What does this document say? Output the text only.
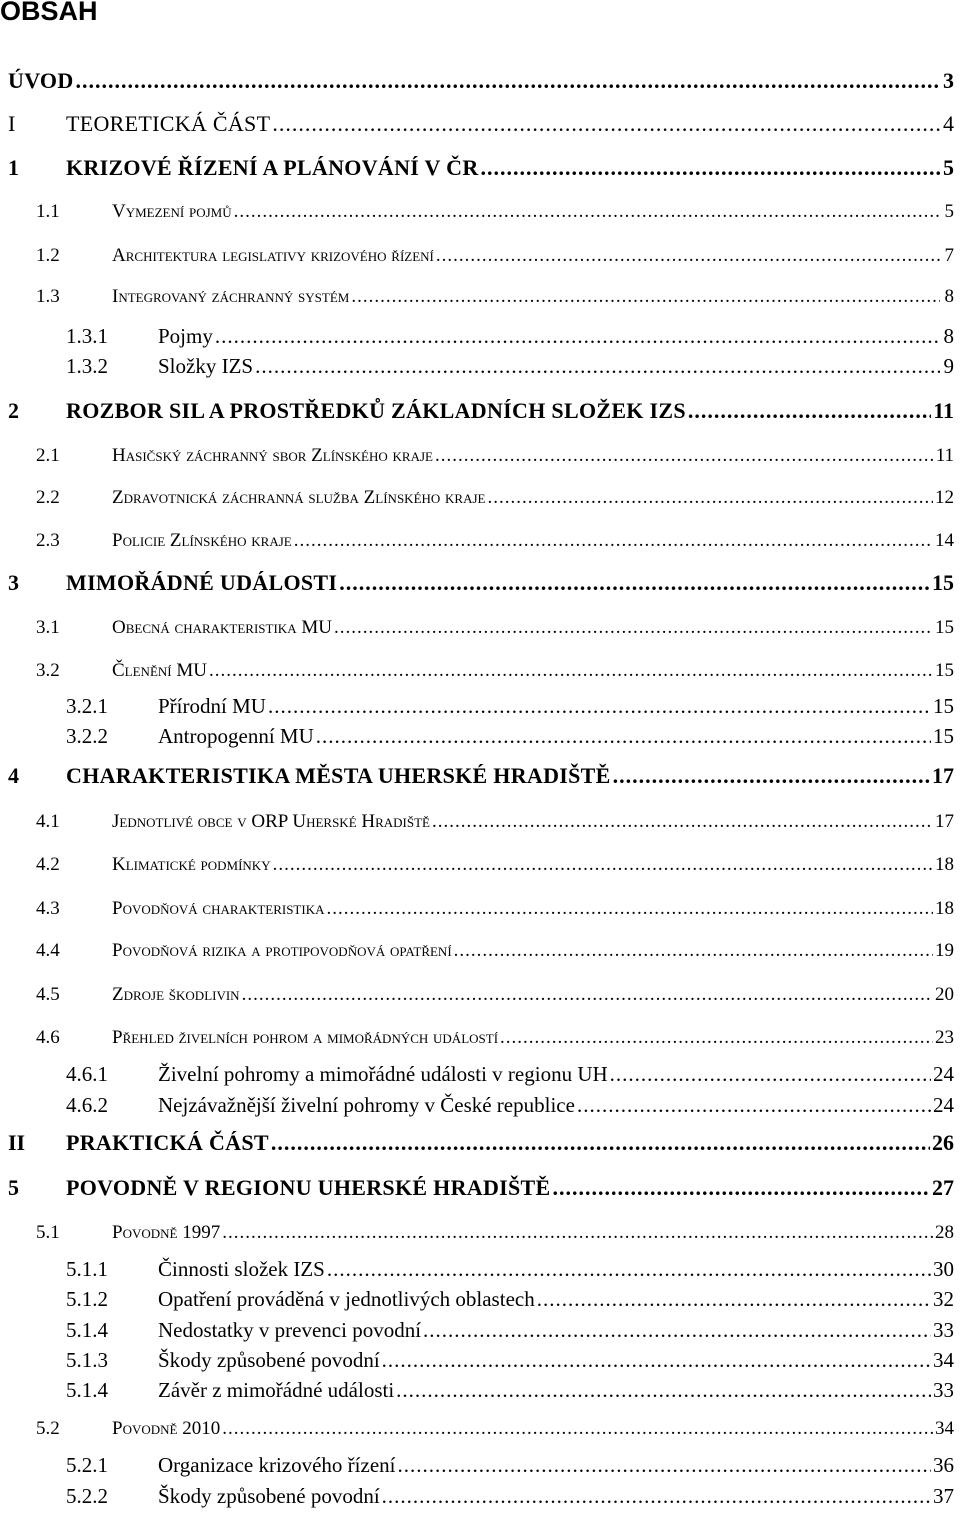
OBSAH
ÚVOD .....	3
I	TEORETICKÁ ČÁST .....	4
1	KRIZOVÉ ŘÍZENÍ A PLÁNOVÁNÍ V ČR .....	5
1.1	Vymezení pojmů .....	5
1.2	Architektura legislativy krizového řízení .....	7
1.3	Integrovaný záchranný systém .....	8
1.3.1	Pojmy .....	8
1.3.2	Složky IZS .....	9
2	ROZBOR SIL A PROSTŘEDKŮ ZÁKLADNÍCH SLOŽEK IZS .....	11
2.1	Hasičský záchranný sbor Zlínského kraje .....	11
2.2	Zdravotnická záchranná služba Zlínského kraje .....	12
2.3	Policie Zlínského kraje .....	14
3	MIMOŘÁDNÉ UDÁLOSTI .....	15
3.1	Obecná charakteristika MU .....	15
3.2	Členění MU .....	15
3.2.1	Přírodní MU .....	15
3.2.2	Antropogenní MU .....	15
4	CHARAKTERISTIKA MĚSTA UHERSKÉ HRADIŠTĚ .....	17
4.1	Jednotlivé obce v ORP Uherské Hradiště .....	17
4.2	Klimatické podmínky .....	18
4.3	Povodňová charakteristika .....	18
4.4	Povodňová rizika a protipovodňová opatření .....	19
4.5	Zdroje škodlivin .....	20
4.6	Přehled živelních pohrom a mimořádných událostí .....	23
4.6.1	Živelní pohromy a mimořádné události v regionu UH .....	24
4.6.2	Nejzávažnější živelní pohromy v České republice .....	24
II	PRAKTICKÁ ČÁST .....	26
5	POVODNĚ V REGIONU UHERSKÉ HRADIŠTĚ .....	27
5.1	Povodně 1997 .....	28
5.1.1	Činnosti složek IZS .....	30
5.1.2	Opatření prováděná v jednotlivých oblastech .....	32
5.1.4	Nedostatky v prevenci povodní .....	33
5.1.3	Škody způsobené povodní .....	34
5.1.4	Závěr z mimořádné události .....	33
5.2	Povodně 2010 .....	34
5.2.1	Organizace krizového řízení .....	36
5.2.2	Škody způsobené povodní .....	37
